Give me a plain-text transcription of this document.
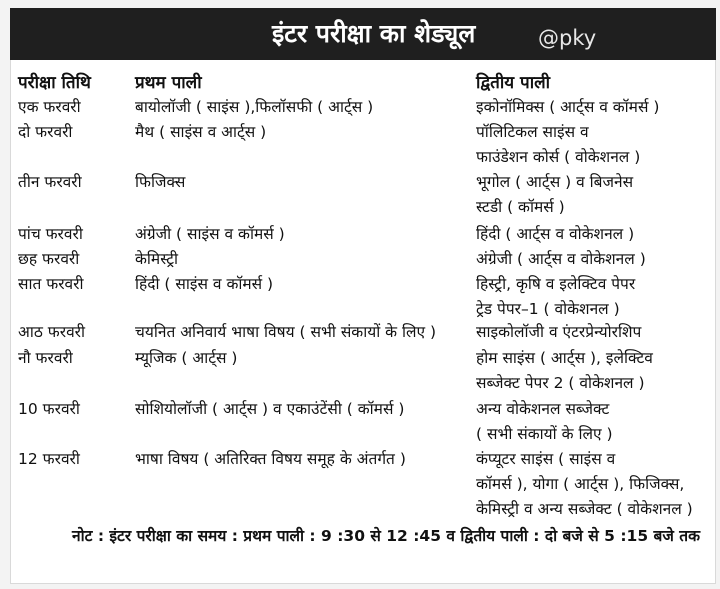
इंटर परीक्षा का शेड्यूल	@pky
परीक्षा तिथि	प्रथम पाली	द्वितीय पाली
एक फरवरी	बायोलॉजी ( साइंस ),फिलॉसफी ( आर्ट्स )	इकोनॉमिक्स ( आर्ट्स व कॉमर्स )
दो फरवरी	मैथ ( साइंस व आर्ट्स )	पॉलिटिकल साइंस व
फाउंडेशन कोर्स ( वोकेशनल )
तीन फरवरी	फिजिक्स	भूगोल ( आर्ट्स ) व बिजनेस
स्टडी ( कॉमर्स )
पांच फरवरी	अंग्रेजी ( साइंस व कॉमर्स )	हिंदी ( आर्ट्स व वोकेशनल )
छह फरवरी	केमिस्ट्री	अंग्रेजी ( आर्ट्स व वोकेशनल )
सात फरवरी	हिंदी ( साइंस व कॉमर्स )	हिस्ट्री, कृषि व इलेक्टिव पेपर
ट्रेड पेपर–1 ( वोकेशनल )
आठ फरवरी	चयनित अनिवार्य भाषा विषय ( सभी संकायों के लिए )	साइकोलॉजी व एंटरप्रेन्योरशिप
नौ फरवरी	म्यूजिक ( आर्ट्स )	होम साइंस ( आर्ट्स ), इलेक्टिव
सब्जेक्ट पेपर 2 ( वोकेशनल )
10 फरवरी	सोशियोलॉजी ( आर्ट्स ) व एकाउंटेंसी ( कॉमर्स )	अन्य वोकेशनल सब्जेक्ट
( सभी संकायों के लिए )
12 फरवरी	भाषा विषय ( अतिरिक्त विषय समूह के अंतर्गत )	कंप्यूटर साइंस ( साइंस व
कॉमर्स ), योगा ( आर्ट्स ), फिजिक्स,
केमिस्ट्री व अन्य सब्जेक्ट ( वोकेशनल )
नोट : इंटर परीक्षा का समय : प्रथम पाली : 9 :30 से 12 :45 व द्वितीय पाली : दो बजे से 5 :15 बजे तक
